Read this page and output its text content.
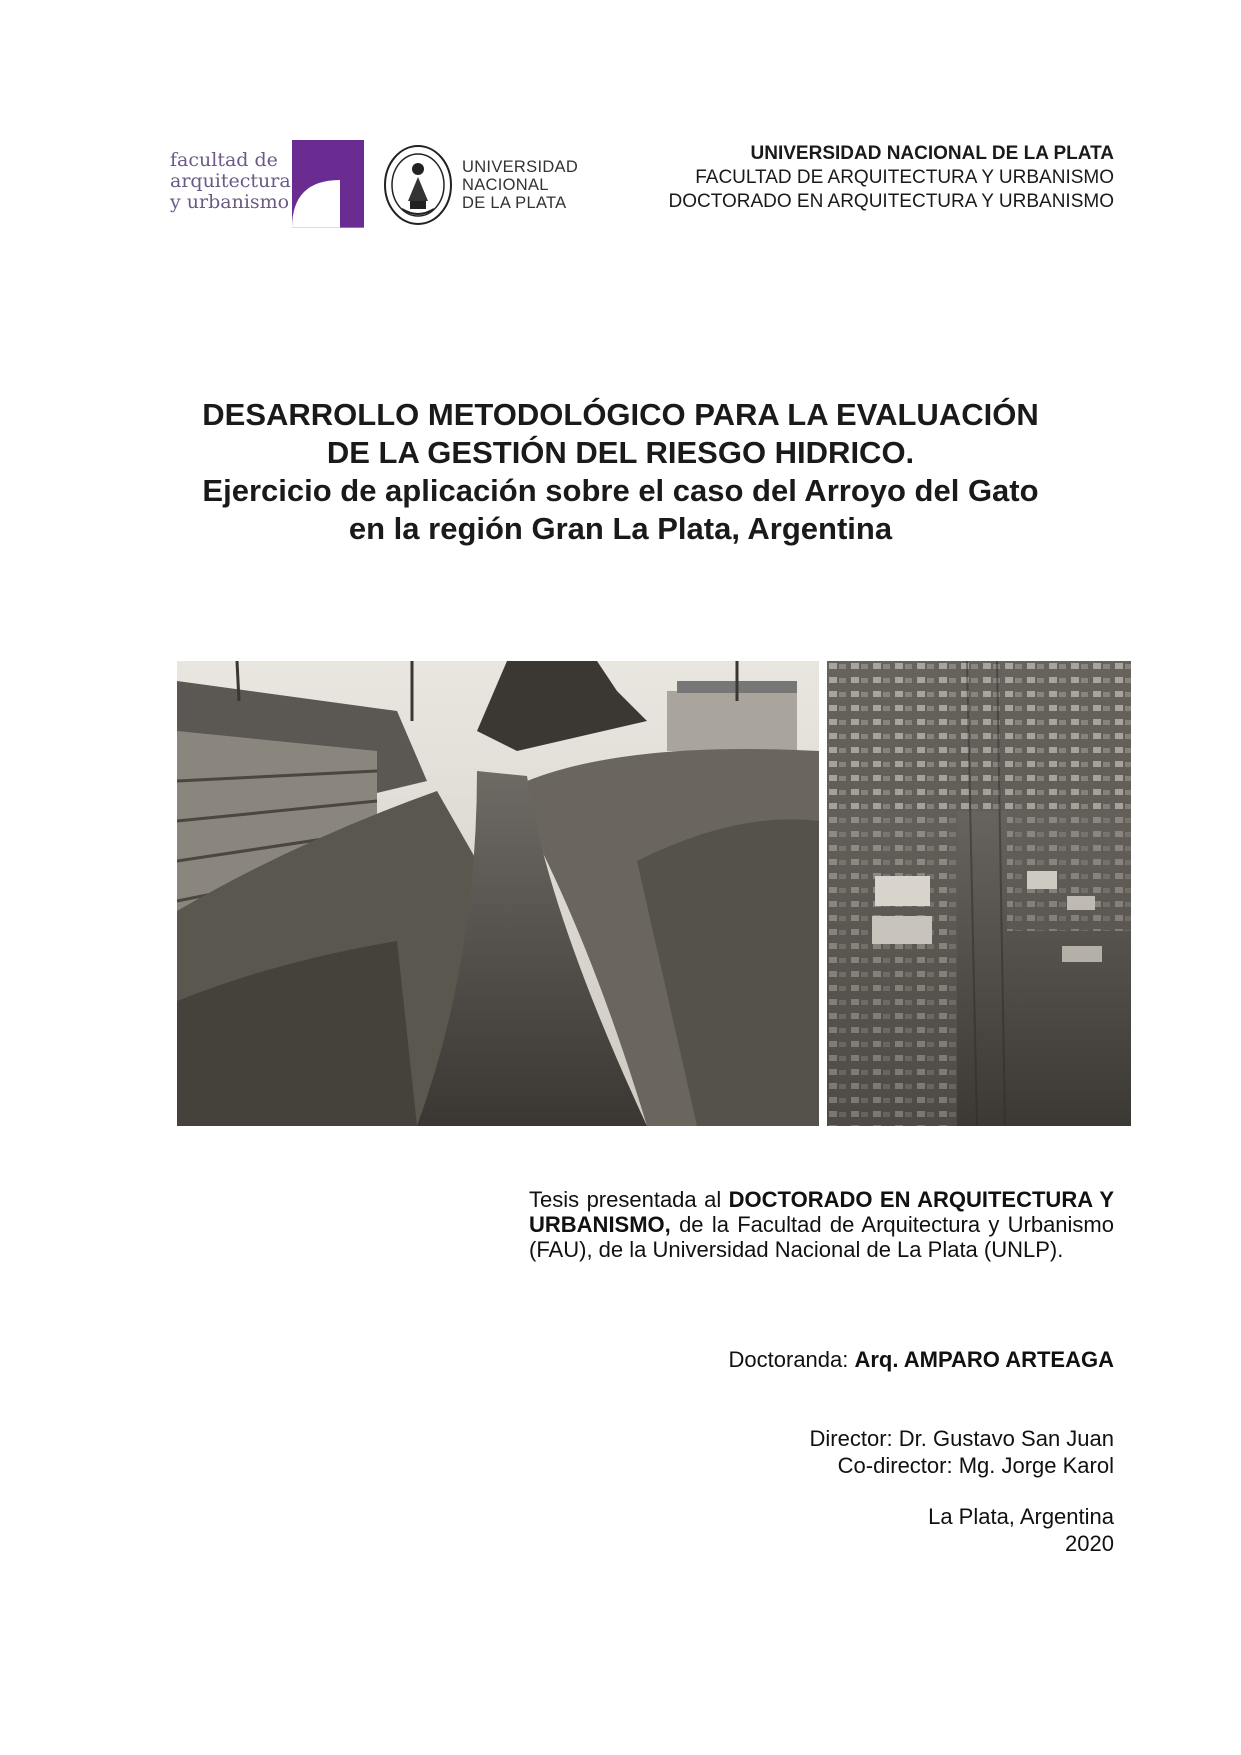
facultad de
arquitectura
y urbanismo
UNIVERSIDAD
NACIONAL
DE LA PLATA
UNIVERSIDAD NACIONAL DE LA PLATA
FACULTAD DE ARQUITECTURA Y URBANISMO
DOCTORADO EN ARQUITECTURA Y URBANISMO
DESARROLLO METODOLÓGICO PARA LA EVALUACIÓN
DE LA GESTIÓN DEL RIESGO HIDRICO.
Ejercicio de aplicación sobre el caso del Arroyo del Gato
en la región Gran La Plata, Argentina
Tesis presentada al DOCTORADO EN ARQUITECTURA Y URBANISMO, de la Facultad de Arquitectura y Urbanismo (FAU), de la Universidad Nacional de La Plata (UNLP).
Doctoranda: Arq. AMPARO ARTEAGA
Director: Dr. Gustavo San Juan
Co-director: Mg. Jorge Karol
La Plata, Argentina
2020
